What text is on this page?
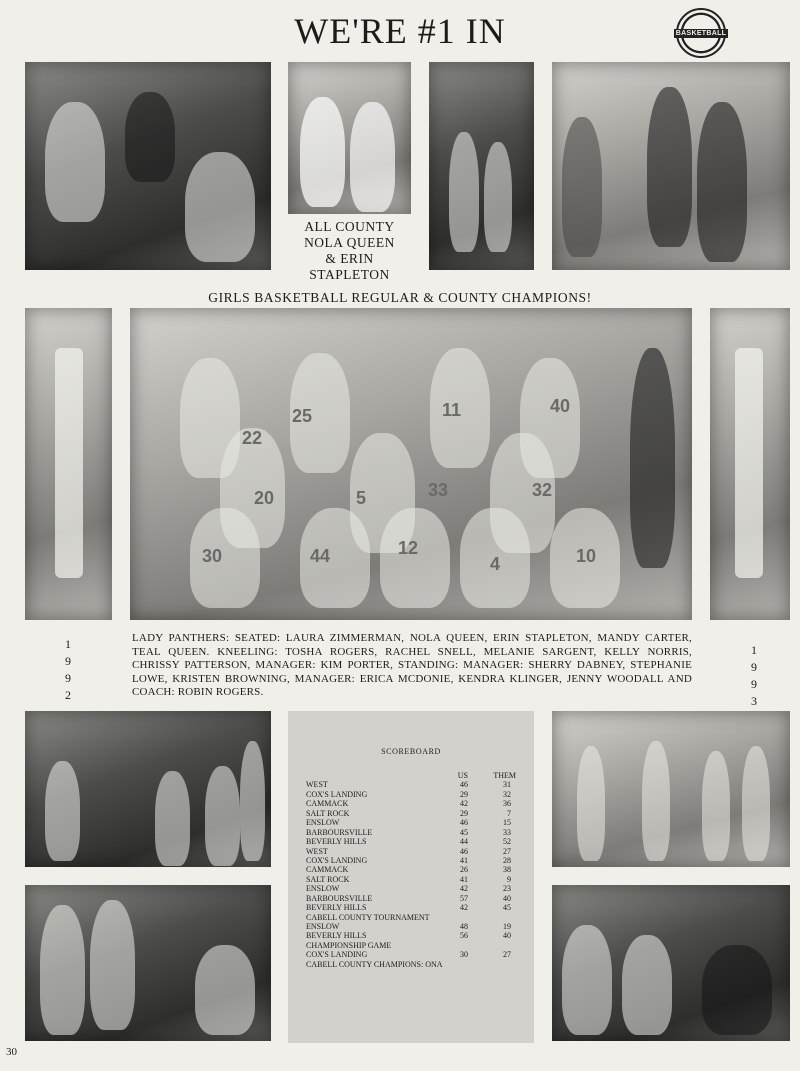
WE'RE #1 IN	BASKETBALL
ALL COUNTY
NOLA QUEEN
& ERIN
STAPLETON
GIRLS BASKETBALL REGULAR & COUNTY CHAMPIONS!
25	11	40
22
20	5	33	32
30	44	12
4	10
1
9
9
2
1
9
9
3
LADY PANTHERS: SEATED: LAURA ZIMMERMAN, NOLA QUEEN, ERIN STAPLETON, MANDY CARTER, TEAL QUEEN. KNEELING: TOSHA ROGERS, RACHEL SNELL, MELANIE SARGENT, KELLY NORRIS, CHRISSY PATTERSON, MANAGER: KIM PORTER, STANDING: MANAGER: SHERRY DABNEY, STEPHANIE LOWE, KRISTEN BROWNING, MANAGER: ERICA MCDONIE, KENDRA KLINGER, JENNY WOODALL AND COACH: ROBIN ROGERS.
SCOREBOARD
US	THEM
WEST	46	31
COX'S LANDING	29	32
CAMMACK	42	36
SALT ROCK	29	7
ENSLOW	46	15
BARBOURSVILLE	45	33
BEVERLY HILLS	44	52
WEST	46	27
COX'S LANDING	41	28
CAMMACK	26	38
SALT ROCK	41	9
ENSLOW	42	23
BARBOURSVILLE	57	40
BEVERLY HILLS	42	45
CABELL COUNTY TOURNAMENT
ENSLOW	48	19
BEVERLY HILLS	56	40
CHAMPIONSHIP GAME
COX'S LANDING	30	27
CABELL COUNTY CHAMPIONS: ONA
30
